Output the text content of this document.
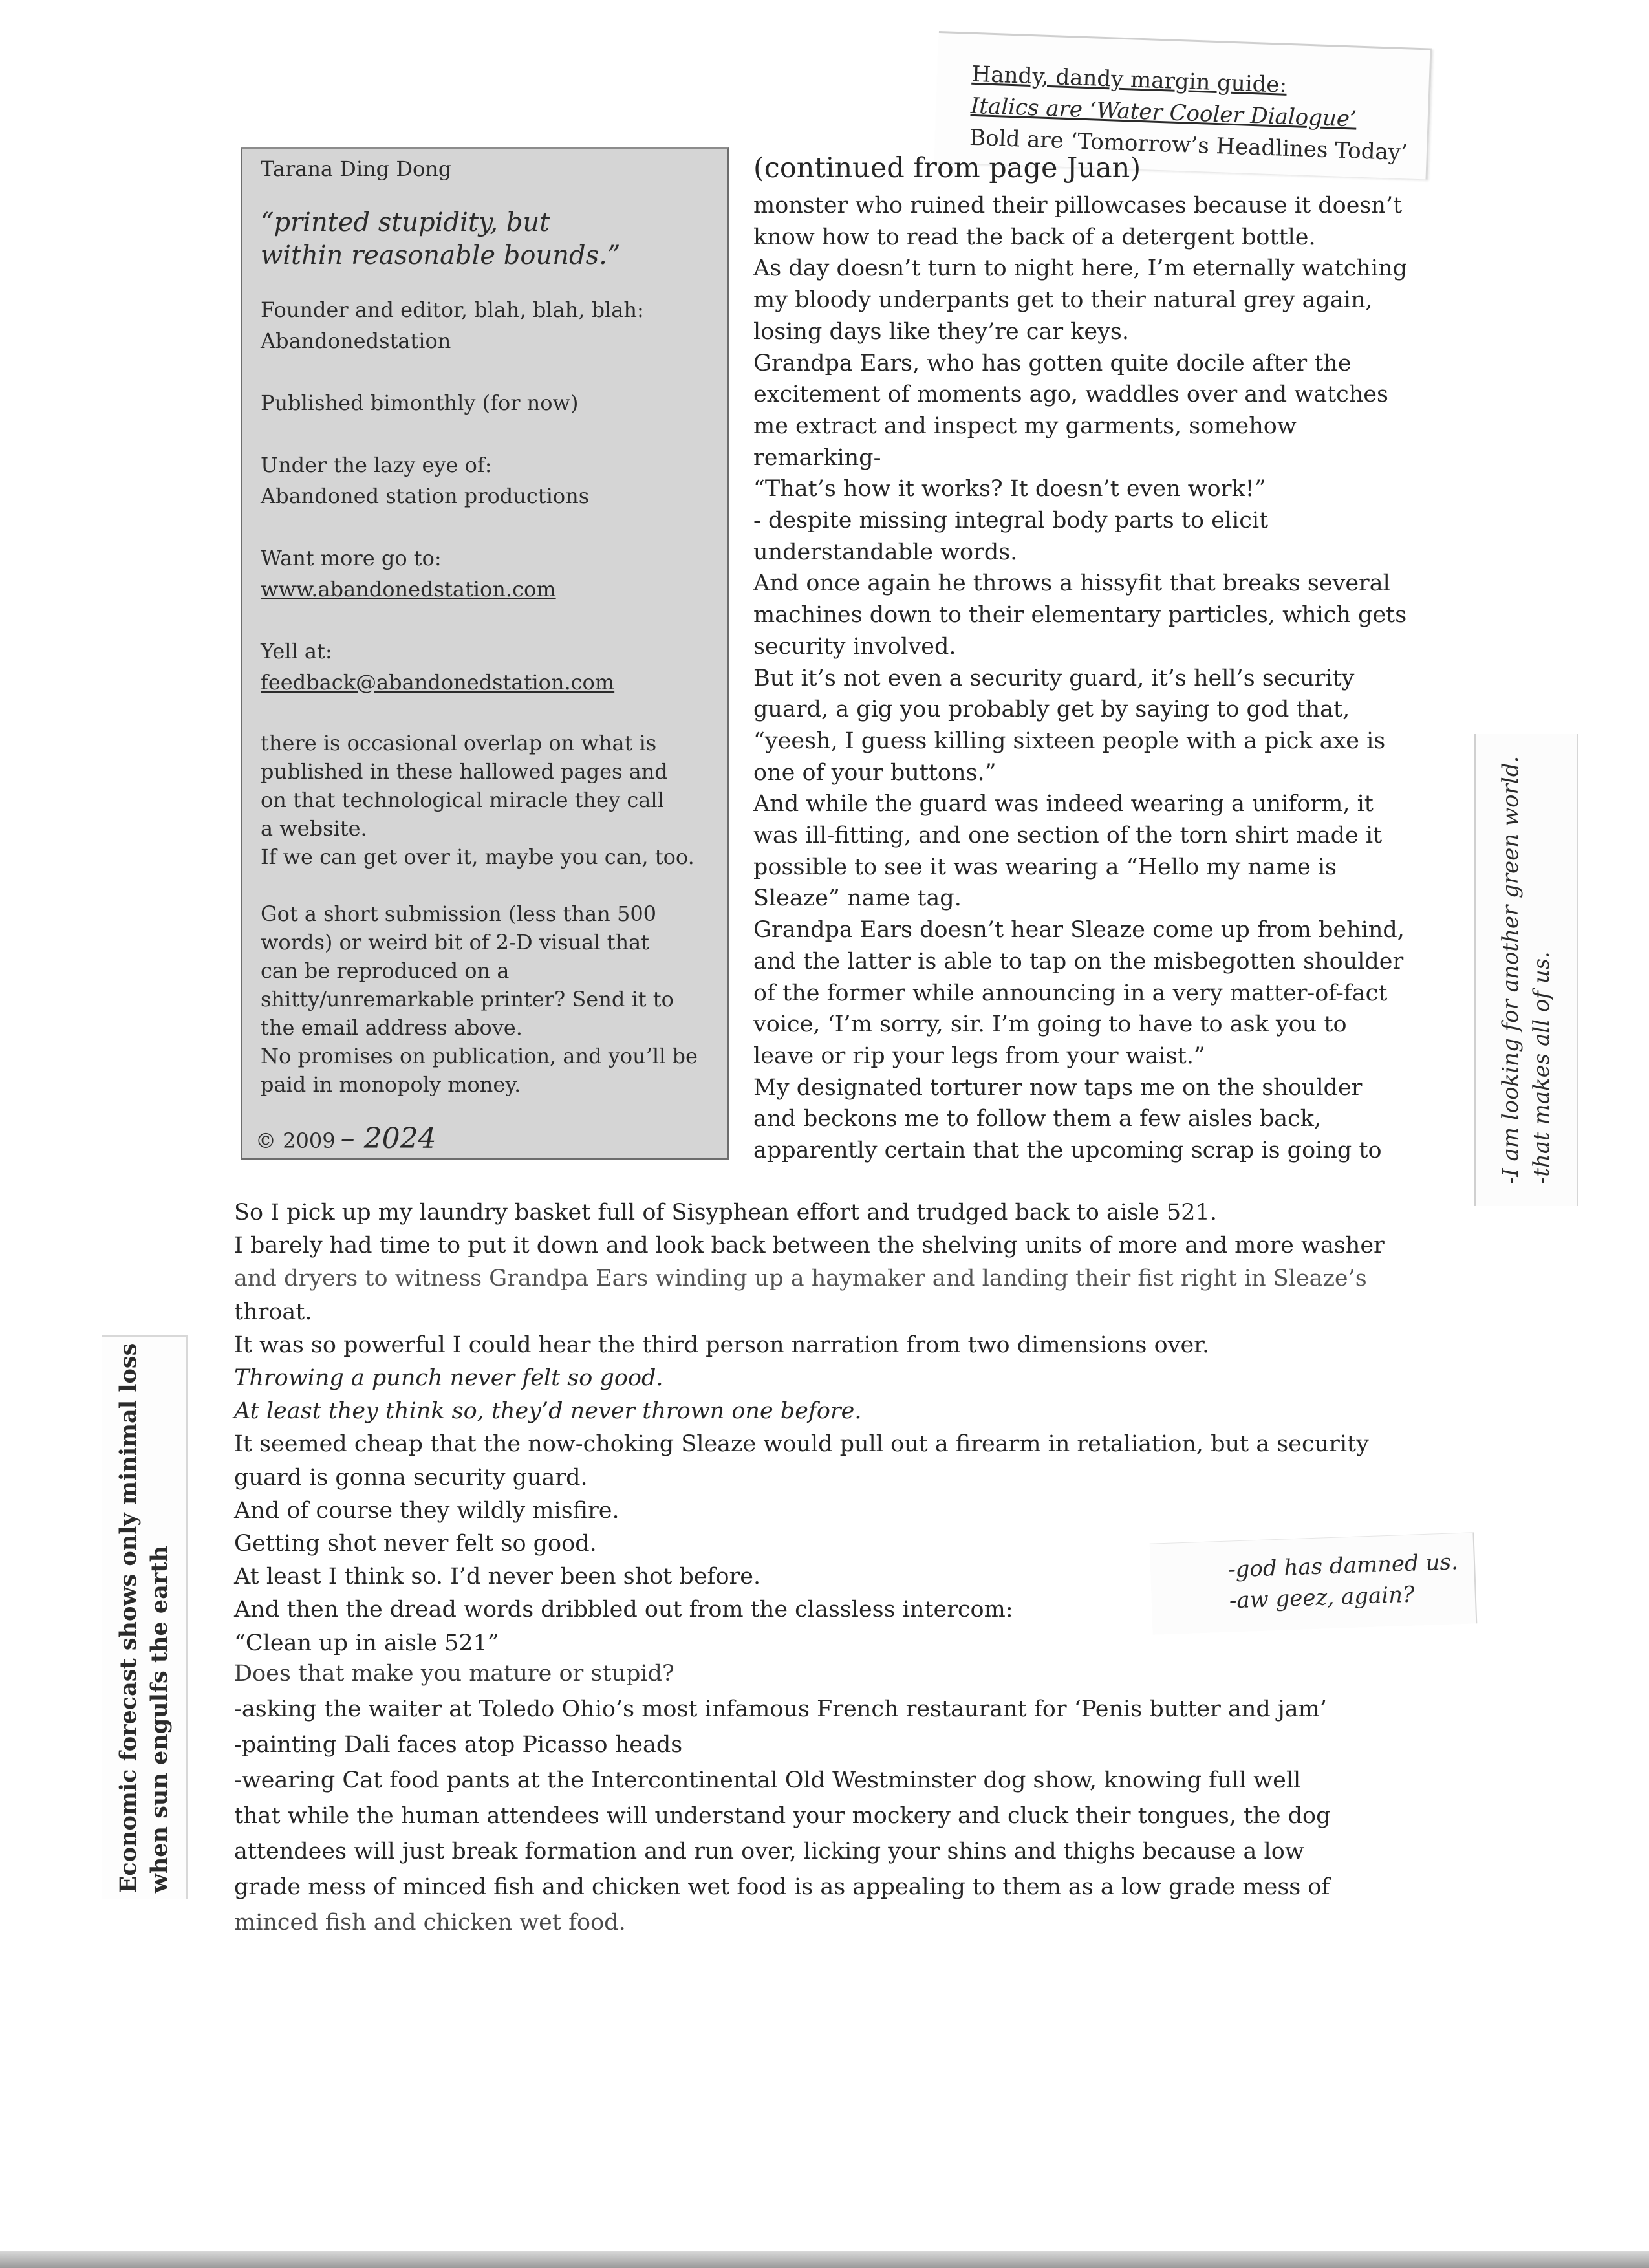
Handy, dandy margin guide:
Italics are ‘Water Cooler Dialogue’
Bold are ‘Tomorrow’s Headlines Today’
Tarana Ding Dong
“printed stupidity, but
within reasonable bounds.”
Founder and editor, blah, blah, blah:
Abandonedstation
Published bimonthly (for now)
Under the lazy eye of:
Abandoned station productions
Want more go to:
www.abandonedstation.com
Yell at:
feedback@abandonedstation.com
there is occasional overlap on what is
published in these hallowed pages and
on that technological miracle they call
a website.
If we can get over it, maybe you can, too.
Got a short submission (less than 500
words) or weird bit of 2-D visual that
can be reproduced on a
shitty/unremarkable printer? Send it to
the email address above.
No promises on publication, and you’ll be
paid in monopoly money.
© 2009 – 2024
(continued from page Juan)
monster who ruined their pillowcases because it doesn’t
know how to read the back of a detergent bottle.
As day doesn’t turn to night here, I’m eternally watching
my bloody underpants get to their natural grey again,
losing days like they’re car keys.
Grandpa Ears, who has gotten quite docile after the
excitement of moments ago, waddles over and watches
me extract and inspect my garments, somehow
remarking-
“That’s how it works? It doesn’t even work!”
- despite missing integral body parts to elicit
understandable words.
And once again he throws a hissyfit that breaks several
machines down to their elementary particles, which gets
security involved.
But it’s not even a security guard, it’s hell’s security
guard, a gig you probably get by saying to god that,
“yeesh, I guess killing sixteen people with a pick axe is
one of your buttons.”
And while the guard was indeed wearing a uniform, it
was ill-fitting, and one section of the torn shirt made it
possible to see it was wearing a “Hello my name is
Sleaze” name tag.
Grandpa Ears doesn’t hear Sleaze come up from behind,
and the latter is able to tap on the misbegotten shoulder
of the former while announcing in a very matter-of-fact
voice, ‘I’m sorry, sir. I’m going to have to ask you to
leave or rip your legs from your waist.”
My designated torturer now taps me on the shoulder
and beckons me to follow them a few aisles back,
apparently certain that the upcoming scrap is going to
So I pick up my laundry basket full of Sisyphean effort and trudged back to aisle 521.
I barely had time to put it down and look back between the shelving units of more and more washer
and dryers to witness Grandpa Ears winding up a haymaker and landing their fist right in Sleaze’s
throat.
It was so powerful I could hear the third person narration from two dimensions over.
Throwing a punch never felt so good.
At least they think so, they’d never thrown one before.
It seemed cheap that the now-choking Sleaze would pull out a firearm in retaliation, but a security
guard is gonna security guard.
And of course they wildly misfire.
Getting shot never felt so good.
At least I think so. I’d never been shot before.
And then the dread words dribbled out from the classless intercom:
“Clean up in aisle 521”
Does that make you mature or stupid?
-asking the waiter at Toledo Ohio’s most infamous French restaurant for ‘Penis butter and jam’
-painting Dali faces atop Picasso heads
-wearing Cat food pants at the Intercontinental Old Westminster dog show, knowing full well
that while the human attendees will understand your mockery and cluck their tongues, the dog
attendees will just break formation and run over, licking your shins and thighs because a low
grade mess of minced fish and chicken wet food is as appealing to them as a low grade mess of
minced fish and chicken wet food.
-I am looking for another green world. -that makes all of us.
Economic forecast shows only minimal loss when sun engulfs the earth	-god has damned us.
-aw geez, again?
